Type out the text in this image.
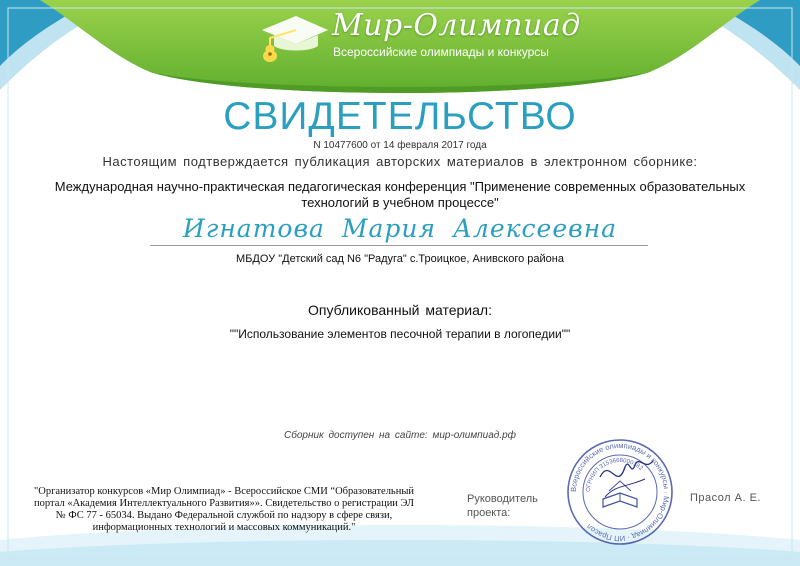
Мир-Олимпиад
Всероссийские олимпиады и конкурсы
СВИДЕТЕЛЬСТВО
N 10477600 от 14 февраля 2017 года
Настоящим подтверждается публикация авторских материалов в электронном сборнике:
Международная научно-практическая педагогическая конференция "Применение современных образовательных
технологий в учебном процессе"
Игнатова Мария Алексеевна
МБДОУ "Детский сад N6 "Радуга" с.Троицкое, Анивского района
Опубликованный материал:
""Использование элементов песочной терапии в логопедии""
Сборник доступен на сайте: мир-олимпиад.рф
"Организатор конкурсов «Мир Олимпиад» - Всероссийское СМИ “Образовательный
портал «Академия Интеллектуального Развития»». Свидетельство о регистрации ЭЛ
№ ФС 77 - 65034. Выдано Федеральной службой по надзору в сфере связи,
информационных технологий и массовых коммуникаций."
Руководитель
проекта:
Всероссийские олимпиады и конкурсы · Мир-Олимпиад · ИП Прасол
ОГРНИП 3153668000182
Прасол А. Е.
